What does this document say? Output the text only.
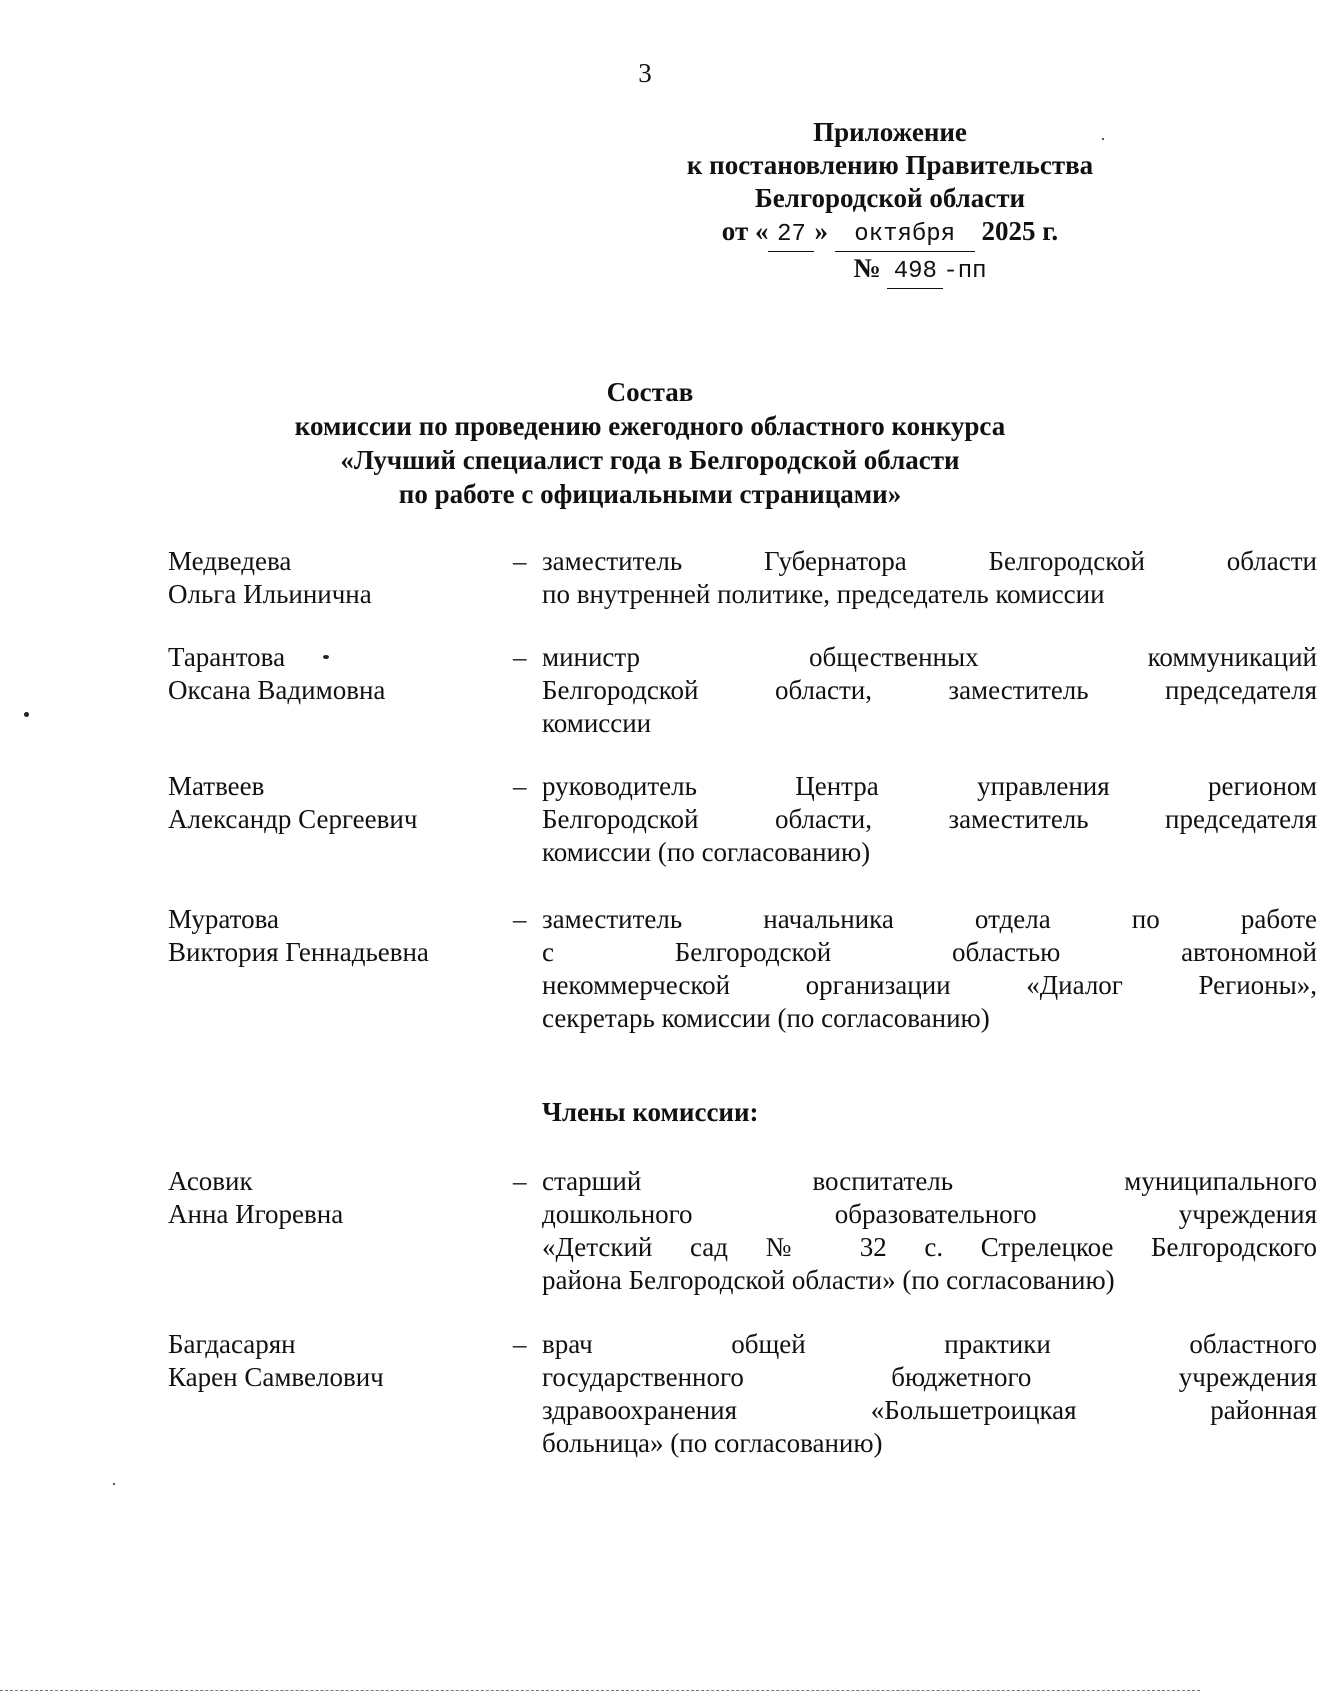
3
Приложение
к постановлению Правительства
Белгородской области
от « 27 » октября 2025 г.
№ 498 -пп
Состав
комиссии по проведению ежегодного областного конкурса
«Лучший специалист года в Белгородской области
по работе с официальными страницами»
Медведева
Ольга Ильинична
– заместитель Губернатора Белгородской области
по внутренней политике, председатель комиссии
Тарантова
Оксана Вадимовна
– министр общественных коммуникаций
Белгородской области, заместитель председателя
комиссии
Матвеев
Александр Сергеевич
– руководитель Центра управления регионом
Белгородской области, заместитель председателя
комиссии (по согласованию)
Муратова
Виктория Геннадьевна
– заместитель начальника отдела по работе
с Белгородской областью автономной
некоммерческой организации «Диалог Регионы»,
секретарь комиссии (по согласованию)
Члены комиссии:
Асовик
Анна Игоревна
– старший воспитатель муниципального
дошкольного образовательного учреждения
«Детский сад № 32 с. Стрелецкое Белгородского
района Белгородской области» (по согласованию)
Багдасарян
Карен Самвелович
– врач общей практики областного
государственного бюджетного учреждения
здравоохранения «Большетроицкая районная
больница» (по согласованию)
